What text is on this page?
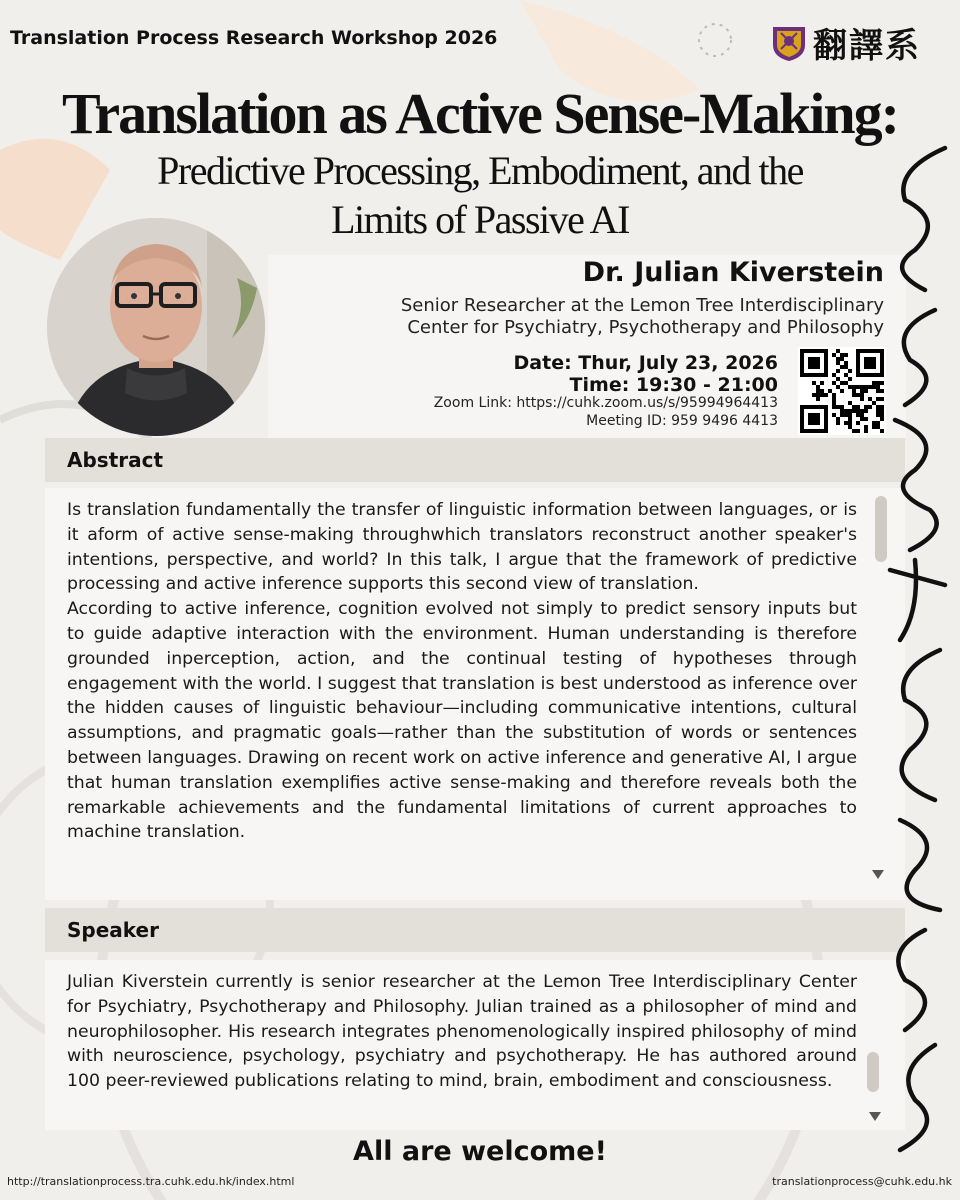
Translation Process Research Workshop 2026	翻譯系
Translation as Active Sense-Making:
Predictive Processing, Embodiment, and the
Limits of Passive AI
Dr. Julian Kiverstein
Senior Researcher at the Lemon Tree Interdisciplinary
Center for Psychiatry, Psychotherapy and Philosophy
Date: Thur, July 23, 2026
Time: 19:30 - 21:00
Zoom Link: https://cuhk.zoom.us/s/95994964413
Meeting ID: 959 9496 4413
Abstract

Is translation fundamentally the transfer of linguistic information between languages, or is it aform of active sense-making throughwhich translators reconstruct another speaker's intentions, perspective, and world? In this talk, I argue that the framework of predictive processing and active inference supports this second view of translation.

According to active inference, cognition evolved not simply to predict sensory inputs but to guide adaptive interaction with the environment. Human understanding is therefore grounded inperception, action, and the continual testing of hypotheses through engagement with the world. I suggest that translation is best understood as inference over the hidden causes of linguistic behaviour—including communicative intentions, cultural assumptions, and pragmatic goals—rather than the substitution of words or sentences between languages. Drawing on recent work on active inference and generative AI, I argue that human translation exemplifies active sense-making and therefore reveals both the remarkable achievements and the fundamental limitations of current approaches to machine translation.

Speaker

Julian Kiverstein currently is senior researcher at the Lemon Tree Interdisciplinary Center for Psychiatry, Psychotherapy and Philosophy. Julian trained as a philosopher of mind and neurophilosopher. His research integrates phenomenologically inspired philosophy of mind with neuroscience, psychology, psychiatry and psychotherapy. He has authored around 100 peer-reviewed publications relating to mind, brain, embodiment and consciousness.

All are welcome!
http://translationprocess.tra.cuhk.edu.hk/index.html	translationprocess@cuhk.edu.hk
